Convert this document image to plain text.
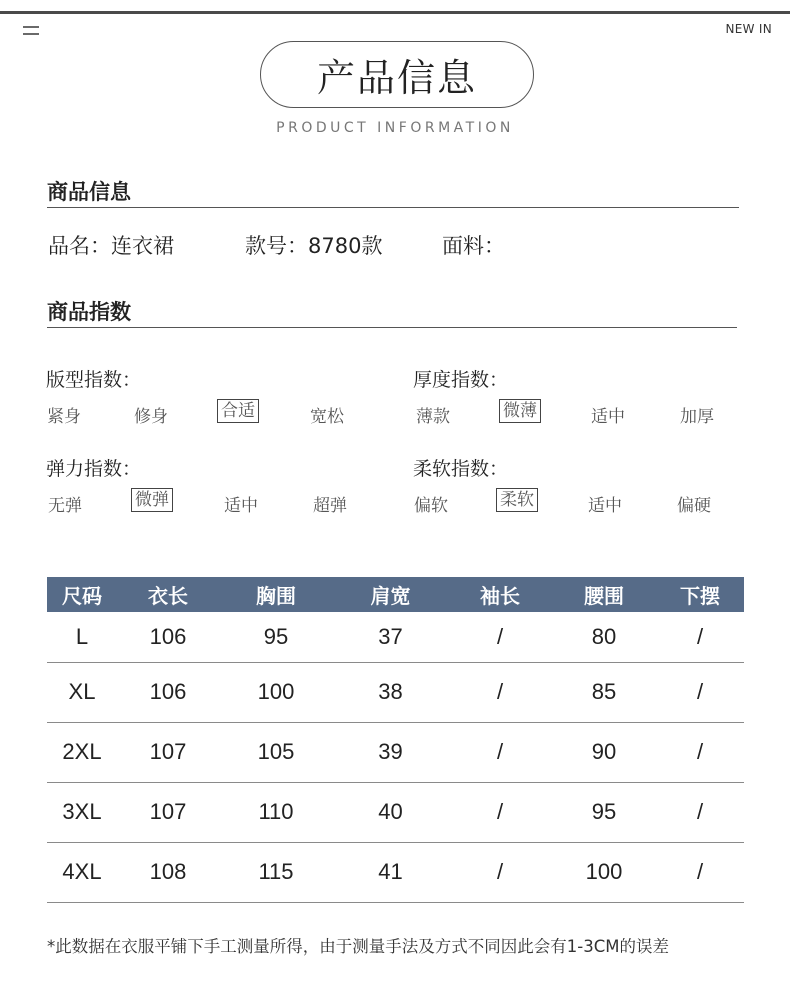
NEW IN
产品信息
PRODUCT INFORMATION
商品信息
品名：连衣裙	款号：8780款	面料：
商品指数
版型指数：
紧身	修身	合适	宽松
厚度指数：
薄款	微薄	适中	加厚
弹力指数：
无弹	微弹	适中	超弹
柔软指数：
偏软	柔软	适中	偏硬
尺码	衣长	胸围	肩宽	袖长	腰围	下摆
L	106	95	37	/	80	/
XL	106	100	38	/	85	/
2XL	107	105	39	/	90	/
3XL	107	110	40	/	95	/
4XL	108	115	41	/	100	/
*此数据在衣服平铺下手工测量所得，由于测量手法及方式不同因此会有1-3CM的误差
